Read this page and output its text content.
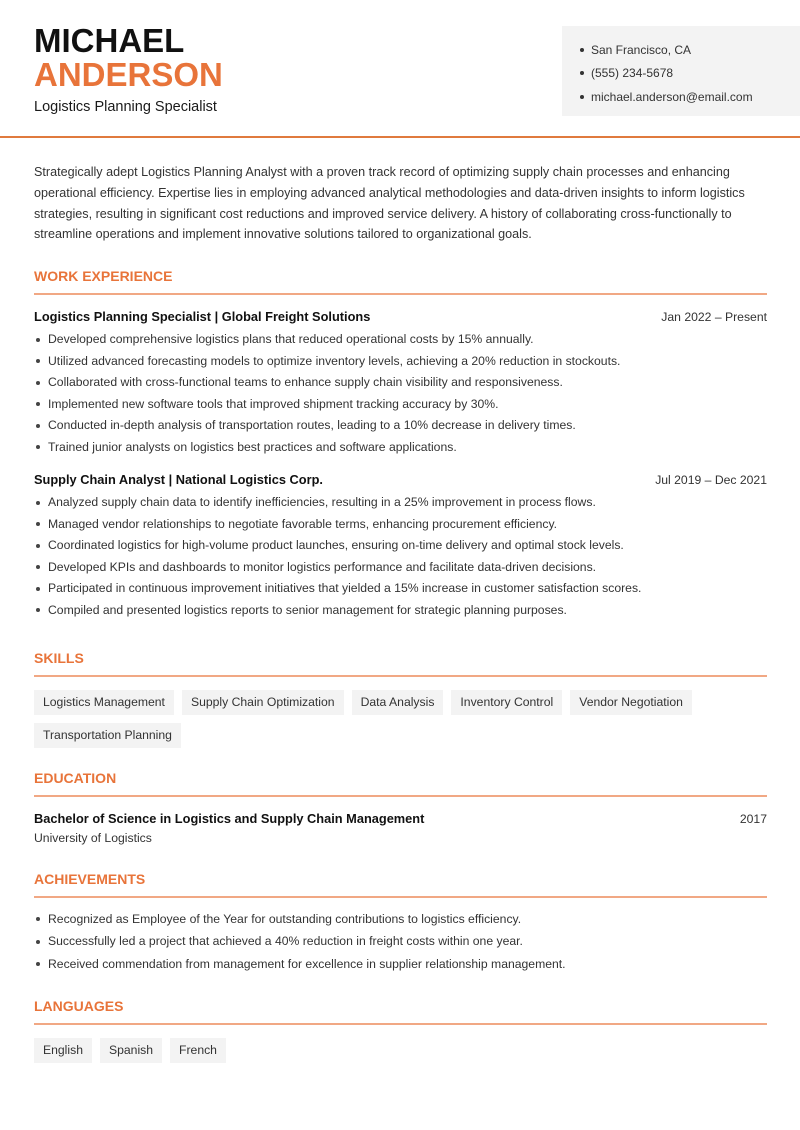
MICHAEL
ANDERSON
Logistics Planning Specialist
San Francisco, CA
(555) 234-5678
michael.anderson@email.com

Strategically adept Logistics Planning Analyst with a proven track record of optimizing supply chain processes and enhancing operational efficiency. Expertise lies in employing advanced analytical methodologies and data-driven insights to inform logistics strategies, resulting in significant cost reductions and improved service delivery. A history of collaborating cross-functionally to streamline operations and implement innovative solutions tailored to organizational goals.

WORK EXPERIENCE
Logistics Planning Specialist | Global Freight Solutions	Jan 2022 – Present
Developed comprehensive logistics plans that reduced operational costs by 15% annually.
Utilized advanced forecasting models to optimize inventory levels, achieving a 20% reduction in stockouts.
Collaborated with cross-functional teams to enhance supply chain visibility and responsiveness.
Implemented new software tools that improved shipment tracking accuracy by 30%.
Conducted in-depth analysis of transportation routes, leading to a 10% decrease in delivery times.
Trained junior analysts on logistics best practices and software applications.
Supply Chain Analyst | National Logistics Corp.	Jul 2019 – Dec 2021
Analyzed supply chain data to identify inefficiencies, resulting in a 25% improvement in process flows.
Managed vendor relationships to negotiate favorable terms, enhancing procurement efficiency.
Coordinated logistics for high-volume product launches, ensuring on-time delivery and optimal stock levels.
Developed KPIs and dashboards to monitor logistics performance and facilitate data-driven decisions.
Participated in continuous improvement initiatives that yielded a 15% increase in customer satisfaction scores.
Compiled and presented logistics reports to senior management for strategic planning purposes.
SKILLS
Logistics Management	Supply Chain Optimization	Data Analysis	Inventory Control	Vendor Negotiation
Transportation Planning
EDUCATION
Bachelor of Science in Logistics and Supply Chain Management	2017
University of Logistics
ACHIEVEMENTS
Recognized as Employee of the Year for outstanding contributions to logistics efficiency.
Successfully led a project that achieved a 40% reduction in freight costs within one year.
Received commendation from management for excellence in supplier relationship management.
LANGUAGES
English	Spanish	French
